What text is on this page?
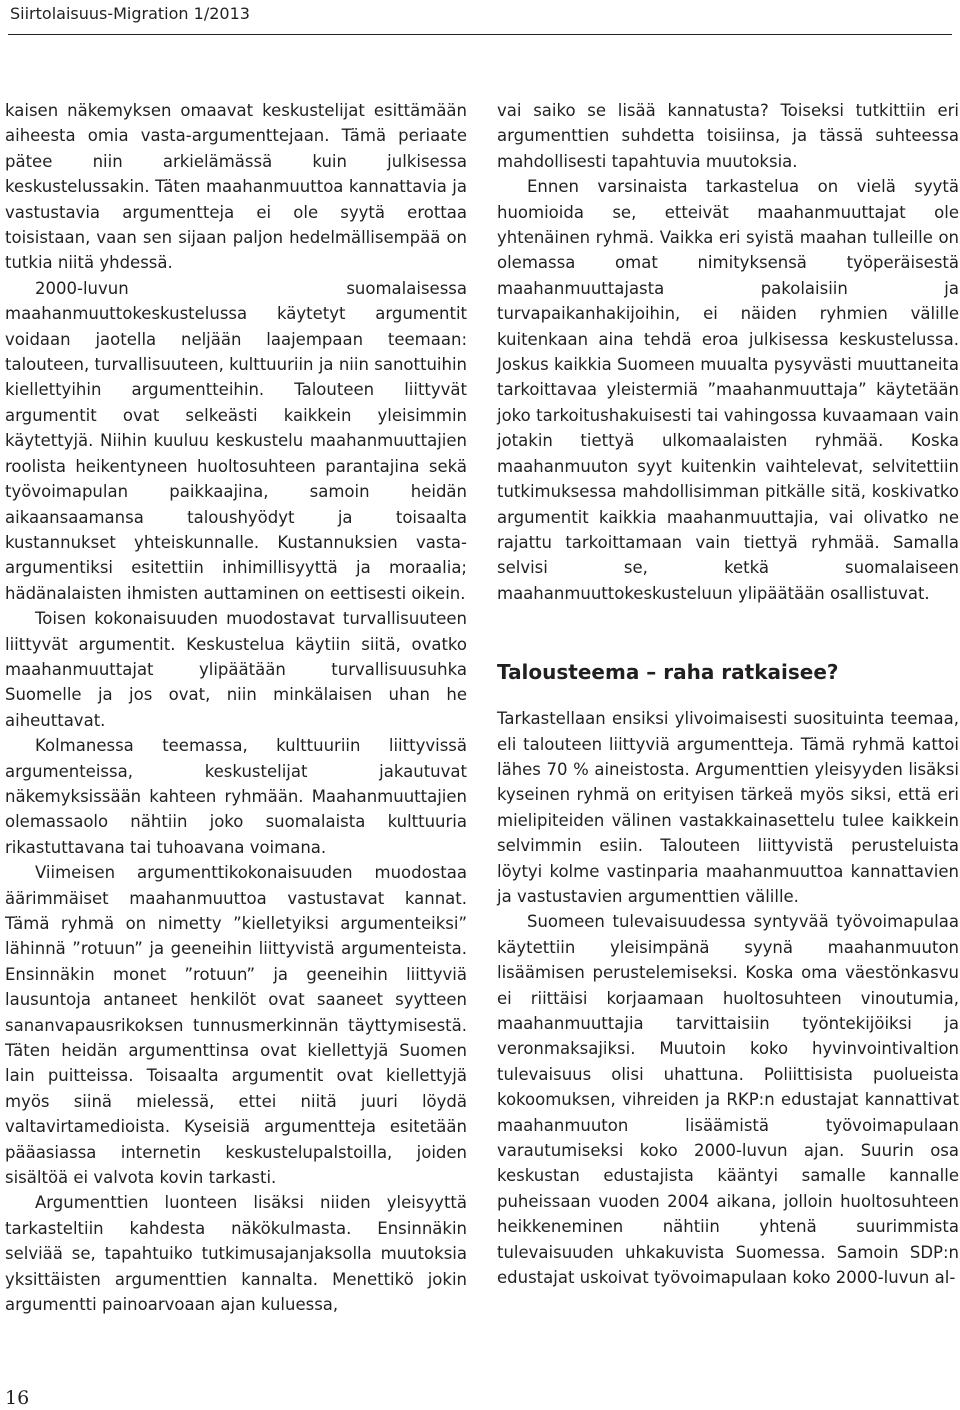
Siirtolaisuus-Migration 1/2013

kaisen näkemyksen omaavat keskustelijat esittämään aiheesta omia vasta-argumenttejaan. Tämä periaate pätee niin arkielämässä kuin julkisessa keskustelussakin. Täten maahanmuuttoa kannattavia ja vastustavia argumentteja ei ole syytä erottaa toisistaan, vaan sen sijaan paljon hedelmällisempää on tutkia niitä yhdessä.

2000-luvun suomalaisessa maahanmuuttokeskustelussa käytetyt argumentit voidaan jaotella neljään laajempaan teemaan: talouteen, turvallisuuteen, kulttuuriin ja niin sanottuihin kiellettyihin argumentteihin. Talouteen liittyvät argumentit ovat selkeästi kaikkein yleisimmin käytettyjä. Niihin kuuluu keskustelu maahanmuuttajien roolista heikentyneen huoltosuhteen parantajina sekä työvoimapulan paikkaajina, samoin heidän aikaansaamansa taloushyödyt ja toisaalta kustannukset yhteiskunnalle. Kustannuksien vasta-argumentiksi esitettiin inhimillisyyttä ja moraalia; hädänalaisten ihmisten auttaminen on eettisesti oikein.

Toisen kokonaisuuden muodostavat turvallisuuteen liittyvät argumentit. Keskustelua käytiin siitä, ovatko maahanmuuttajat ylipäätään turvallisuusuhka Suomelle ja jos ovat, niin minkälaisen uhan he aiheuttavat.

Kolmanessa teemassa, kulttuuriin liittyvissä argumenteissa, keskustelijat jakautuvat näkemyksissään kahteen ryhmään. Maahanmuuttajien olemassaolo nähtiin joko suomalaista kulttuuria rikastuttavana tai tuhoavana voimana.

Viimeisen argumenttikokonaisuuden muodostaa äärimmäiset maahanmuuttoa vastustavat kannat. Tämä ryhmä on nimetty ”kielletyiksi argumenteiksi” lähinnä ”rotuun” ja geeneihin liittyvistä argumenteista. Ensinnäkin monet ”rotuun” ja geeneihin liittyviä lausuntoja antaneet henkilöt ovat saaneet syytteen sananvapausrikoksen tunnusmerkinnän täyttymisestä. Täten heidän argumenttinsa ovat kiellettyjä Suomen lain puitteissa. Toisaalta argumentit ovat kiellettyjä myös siinä mielessä, ettei niitä juuri löydä valtavirtamedioista. Kyseisiä argumentteja esitetään pääasiassa internetin keskustelupalstoilla, joiden sisältöä ei valvota kovin tarkasti.

Argumenttien luonteen lisäksi niiden yleisyyttä tarkasteltiin kahdesta näkökulmasta. Ensinnäkin selviää se, tapahtuiko tutkimusajanjaksolla muutoksia yksittäisten argumenttien kannalta. Menettikö jokin argumentti painoarvoaan ajan kuluessa,

vai saiko se lisää kannatusta? Toiseksi tutkittiin eri argumenttien suhdetta toisiinsa, ja tässä suhteessa mahdollisesti tapahtuvia muutoksia.

Ennen varsinaista tarkastelua on vielä syytä huomioida se, etteivät maahanmuuttajat ole yhtenäinen ryhmä. Vaikka eri syistä maahan tulleille on olemassa omat nimityksensä työperäisestä maahanmuuttajasta pakolaisiin ja turvapaikanhakijoihin, ei näiden ryhmien välille kuitenkaan aina tehdä eroa julkisessa keskustelussa. Joskus kaikkia Suomeen muualta pysyvästi muuttaneita tarkoittavaa yleistermiä ”maahanmuuttaja” käytetään joko tarkoitushakuisesti tai vahingossa kuvaamaan vain jotakin tiettyä ulkomaalaisten ryhmää. Koska maahanmuuton syyt kuitenkin vaihtelevat, selvitettiin tutkimuksessa mahdollisimman pitkälle sitä, koskivatko argumentit kaikkia maahanmuuttajia, vai olivatko ne rajattu tarkoittamaan vain tiettyä ryhmää. Samalla selvisi se, ketkä suomalaiseen maahanmuuttokeskusteluun ylipäätään osallistuvat.

Talousteema – raha ratkaisee?

Tarkastellaan ensiksi ylivoimaisesti suosituinta teemaa, eli talouteen liittyviä argumentteja. Tämä ryhmä kattoi lähes 70 % aineistosta. Argumenttien yleisyyden lisäksi kyseinen ryhmä on erityisen tärkeä myös siksi, että eri mielipiteiden välinen vastakkainasettelu tulee kaikkein selvimmin esiin. Talouteen liittyvistä perusteluista löytyi kolme vastinparia maahanmuuttoa kannattavien ja vastustavien argumenttien välille.

Suomeen tulevaisuudessa syntyvää työvoimapulaa käytettiin yleisimpänä syynä maahanmuuton lisäämisen perustelemiseksi. Koska oma väestönkasvu ei riittäisi korjaamaan huoltosuhteen vinoutumia, maahanmuuttajia tarvittaisiin työntekijöiksi ja veronmaksajiksi. Muutoin koko hyvinvointivaltion tulevaisuus olisi uhattuna. Poliittisista puolueista kokoomuksen, vihreiden ja RKP:n edustajat kannattivat maahanmuuton lisäämistä työvoimapulaan varautumiseksi koko 2000-luvun ajan. Suurin osa keskustan edustajista kääntyi samalle kannalle puheissaan vuoden 2004 aikana, jolloin huoltosuhteen heikkeneminen nähtiin yhtenä suurimmista tulevaisuuden uhkakuvista Suomessa. Samoin SDP:n edustajat uskoivat työvoimapulaan koko 2000-luvun al-

16
